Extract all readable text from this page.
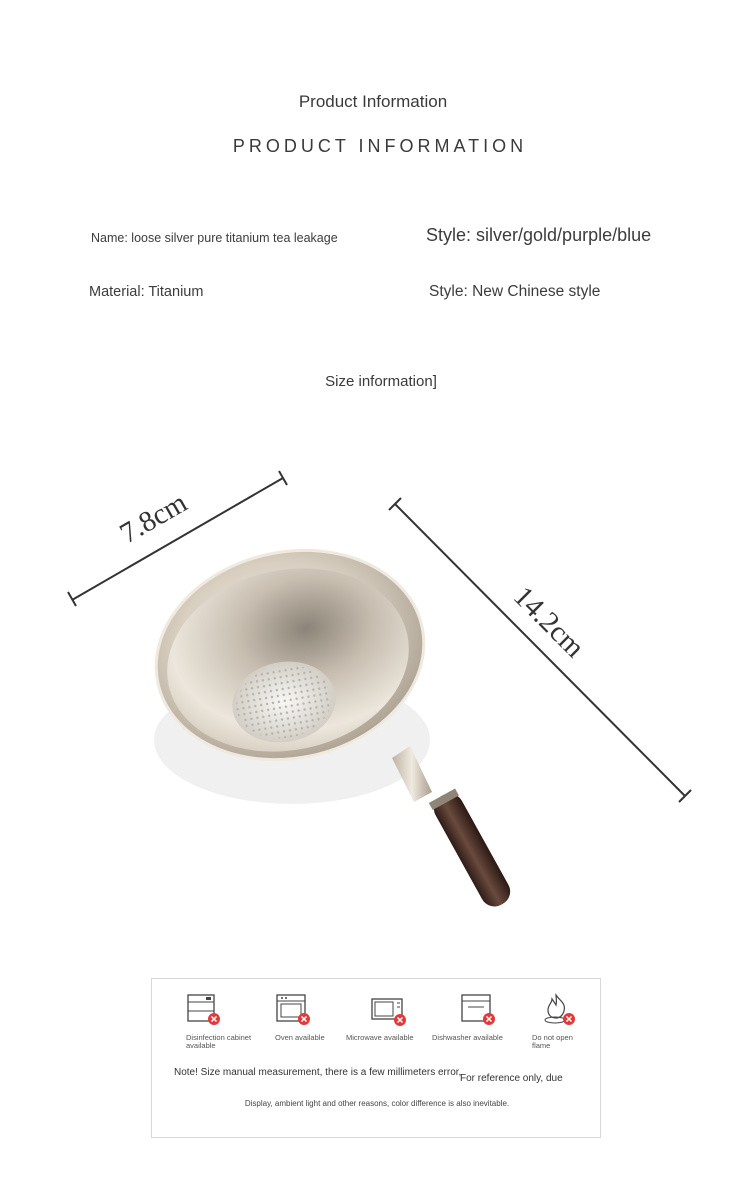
Product Information
PRODUCT INFORMATION
Name: loose silver pure titanium tea leakage	Style: silver/gold/purple/blue
Material: Titanium	Style: New Chinese style
Size information]
7.8cm
14.2cm
Disinfection cabinet available
Oven available	Microwave available	Dishwasher available	Do not open flame
Note! Size manual measurement, there is a few millimeters error,
For reference only, due
Display, ambient light and other reasons, color difference is also inevitable.
